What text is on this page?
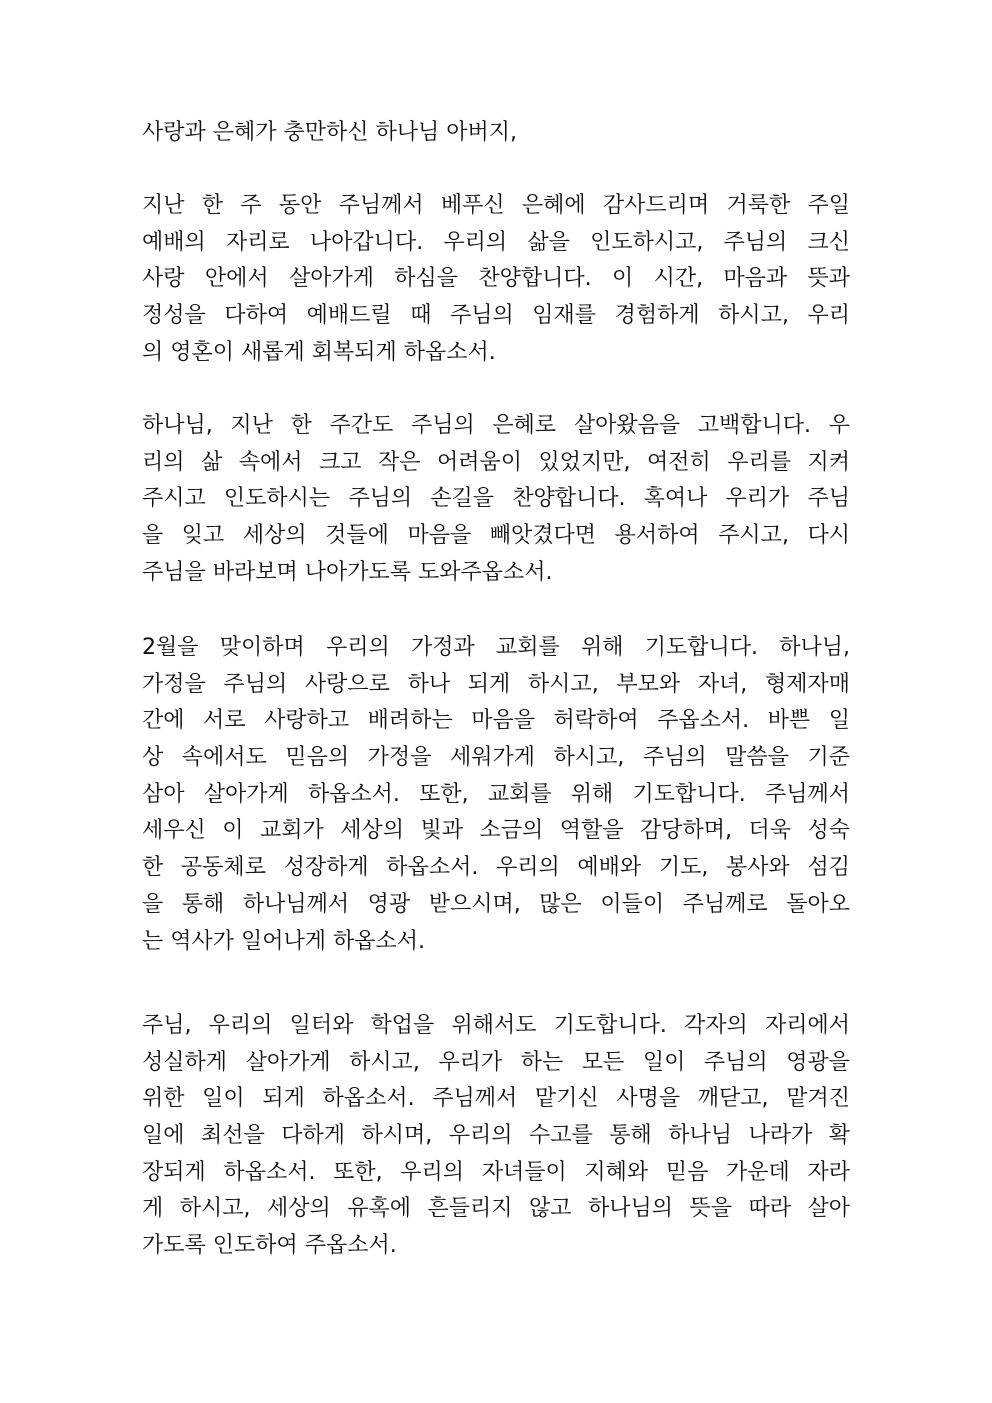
사랑과 은혜가 충만하신 하나님 아버지,
지난 한 주 동안 주님께서 베푸신 은혜에 감사드리며 거룩한 주일
예배의 자리로 나아갑니다. 우리의 삶을 인도하시고, 주님의 크신
사랑 안에서 살아가게 하심을 찬양합니다. 이 시간, 마음과 뜻과
정성을 다하여 예배드릴 때 주님의 임재를 경험하게 하시고, 우리
의 영혼이 새롭게 회복되게 하옵소서.
하나님, 지난 한 주간도 주님의 은혜로 살아왔음을 고백합니다. 우
리의 삶 속에서 크고 작은 어려움이 있었지만, 여전히 우리를 지켜
주시고 인도하시는 주님의 손길을 찬양합니다. 혹여나 우리가 주님
을 잊고 세상의 것들에 마음을 빼앗겼다면 용서하여 주시고, 다시
주님을 바라보며 나아가도록 도와주옵소서.
2월을 맞이하며 우리의 가정과 교회를 위해 기도합니다. 하나님,
가정을 주님의 사랑으로 하나 되게 하시고, 부모와 자녀, 형제자매
간에 서로 사랑하고 배려하는 마음을 허락하여 주옵소서. 바쁜 일
상 속에서도 믿음의 가정을 세워가게 하시고, 주님의 말씀을 기준
삼아 살아가게 하옵소서. 또한, 교회를 위해 기도합니다. 주님께서
세우신 이 교회가 세상의 빛과 소금의 역할을 감당하며, 더욱 성숙
한 공동체로 성장하게 하옵소서. 우리의 예배와 기도, 봉사와 섬김
을 통해 하나님께서 영광 받으시며, 많은 이들이 주님께로 돌아오
는 역사가 일어나게 하옵소서.
주님, 우리의 일터와 학업을 위해서도 기도합니다. 각자의 자리에서
성실하게 살아가게 하시고, 우리가 하는 모든 일이 주님의 영광을
위한 일이 되게 하옵소서. 주님께서 맡기신 사명을 깨닫고, 맡겨진
일에 최선을 다하게 하시며, 우리의 수고를 통해 하나님 나라가 확
장되게 하옵소서. 또한, 우리의 자녀들이 지혜와 믿음 가운데 자라
게 하시고, 세상의 유혹에 흔들리지 않고 하나님의 뜻을 따라 살아
가도록 인도하여 주옵소서.
